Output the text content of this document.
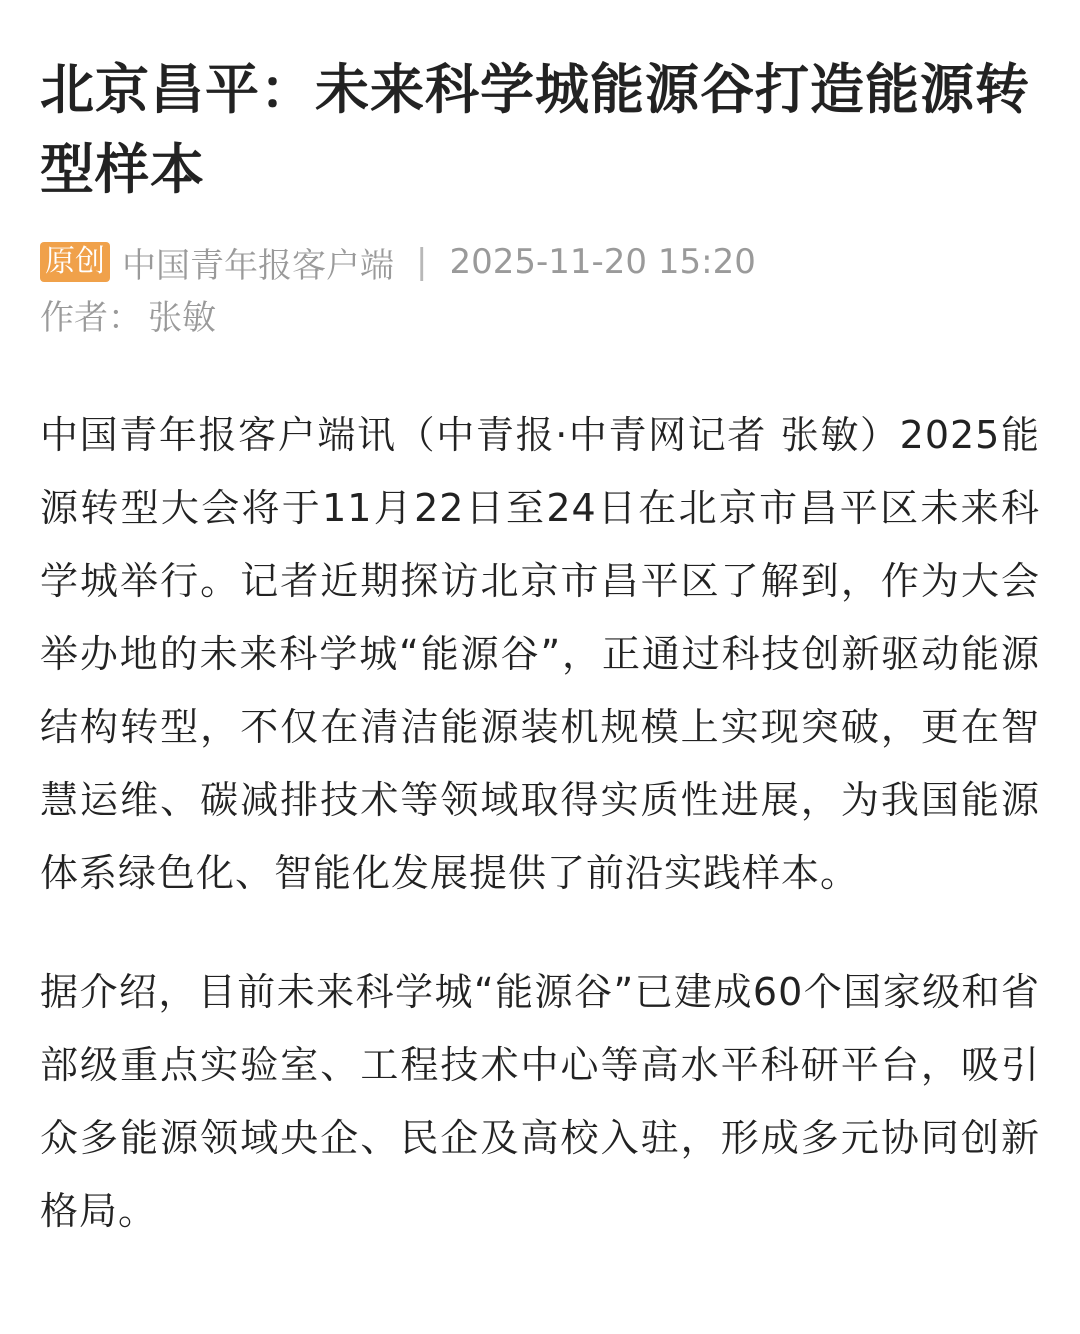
北京昌平：未来科学城能源谷打造能源转型样本
原创 中国青年报客户端 | 2025-11-20 15:20
作者： 张敏

中国青年报客户端讯（中青报·中青网记者 张敏）2025能源转型大会将于11月22日至24日在北京市昌平区未来科学城举行。记者近期探访北京市昌平区了解到，作为大会举办地的未来科学城“能源谷”，正通过科技创新驱动能源结构转型，不仅在清洁能源装机规模上实现突破，更在智慧运维、碳减排技术等领域取得实质性进展，为我国能源体系绿色化、智能化发展提供了前沿实践样本。

据介绍，目前未来科学城“能源谷”已建成60个国家级和省部级重点实验室、工程技术中心等高水平科研平台，吸引众多能源领域央企、民企及高校入驻，形成多元协同创新格局。
